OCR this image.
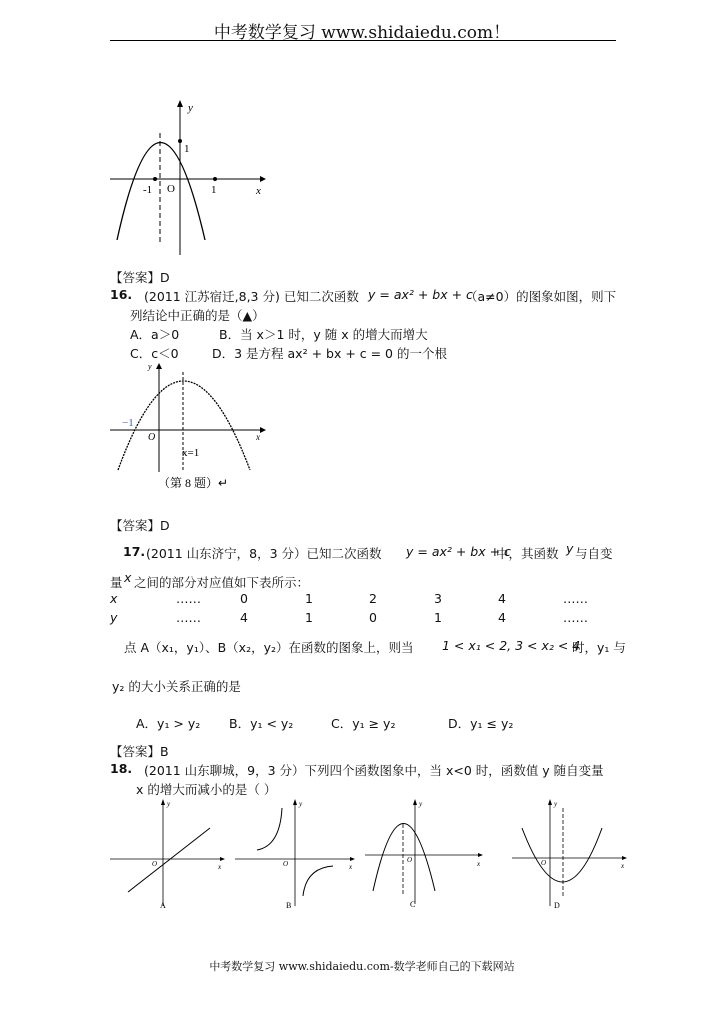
中考数学复习 www.shidaiedu.com！
y
1
-1 O	1	x
【答案】D
16. (2011 江苏宿迁,8,3 分) 已知二次函数 y = ax² + bx + c
（a≠0）的图象如图，则下
列结论中正确的是（▲）
A．a＞0	B．当 x＞1 时，y 随 x 的增大而增大
C．c＜0	D．3 是方程 ax² + bx + c = 0 的一个根
y
x
−1
O
x=1
（第 8 题）↵
【答案】D
17. (2011 山东济宁，8，3 分）已知二次函数 y = ax² + bx + c
中，其函数 y 与自变
量 x 之间的部分对应值如下表所示：
x	……	0	1	2	3	4	……
y	……	4	1	0	1	4	……
点 A（x₁，y₁）、B（x₂，y₂）在函数的图象上，则当 1 < x₁ < 2, 3 < x₂ < 4
时，y₁ 与
y₂ 的大小关系正确的是
A．y₁ > y₂ B．y₁ < y₂	C．y₁ ≥ y₂	D．y₁ ≤ y₂
【答案】B
18. (2011 山东聊城，9，3 分）下列四个函数图象中，当 x<0 时，函数值 y 随自变量
x 的增大而减小的是（ ）
O	x
y
A
O	x
y
B
O	x
y
C
O	x
y
D
中考数学复习 www.shidaiedu.com-数学老师自己的下载网站
